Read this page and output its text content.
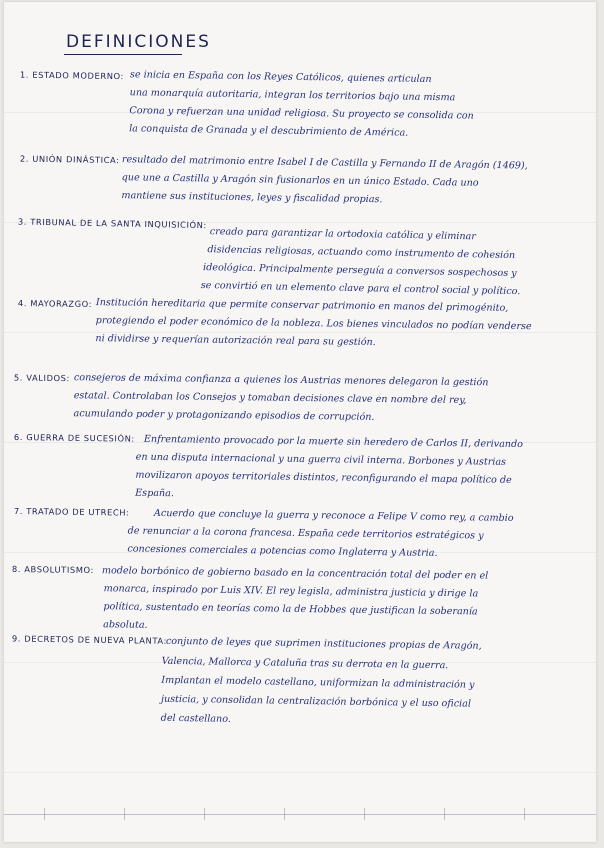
DEFINICIONES
1. ESTADO MODERNO: se inicia en España con los Reyes Católicos, quienes articulan
una monarquía autoritaria, integran los territorios bajo una misma
Corona y refuerzan una unidad religiosa. Su proyecto se consolida con
la conquista de Granada y el descubrimiento de América.
2. UNIÓN DINÁSTICA: resultado del matrimonio entre Isabel I de Castilla y Fernando II de Aragón (1469),
que une a Castilla y Aragón sin fusionarlos en un único Estado. Cada uno
mantiene sus instituciones, leyes y fiscalidad propias.
3. TRIBUNAL DE LA SANTA INQUISICIÓN:
creado para garantizar la ortodoxia católica y eliminar
disidencias religiosas, actuando como instrumento de cohesión
ideológica. Principalmente perseguía a conversos sospechosos y
se convirtió en un elemento clave para el control social y político.
4. MAYORAZGO: Institución hereditaria que permite conservar patrimonio en manos del primogénito,
protegiendo el poder económico de la nobleza. Los bienes vinculados no podían venderse
ni dividirse y requerían autorización real para su gestión.
5. VALIDOS: consejeros de máxima confianza a quienes los Austrias menores delegaron la gestión
estatal. Controlaban los Consejos y tomaban decisiones clave en nombre del rey,
acumulando poder y protagonizando episodios de corrupción.
6. GUERRA DE SUCESIÓN: Enfrentamiento provocado por la muerte sin heredero de Carlos II, derivando
en una disputa internacional y una guerra civil interna. Borbones y Austrias
movilizaron apoyos territoriales distintos, reconfigurando el mapa político de
España.
7. TRATADO DE UTRECH:	Acuerdo que concluye la guerra y reconoce a Felipe V como rey, a cambio
de renunciar a la corona francesa. España cede territorios estratégicos y
concesiones comerciales a potencias como Inglaterra y Austria.
8. ABSOLUTISMO: modelo borbónico de gobierno basado en la concentración total del poder en el
monarca, inspirado por Luis XIV. El rey legisla, administra justicia y dirige la
política, sustentado en teorías como la de Hobbes que justifican la soberanía
absoluta.
9. DECRETOS DE NUEVA PLANTA:
conjunto de leyes que suprimen instituciones propias de Aragón,
Valencia, Mallorca y Cataluña tras su derrota en la guerra.
Implantan el modelo castellano, uniformizan la administración y
justicia, y consolidan la centralización borbónica y el uso oficial
del castellano.
